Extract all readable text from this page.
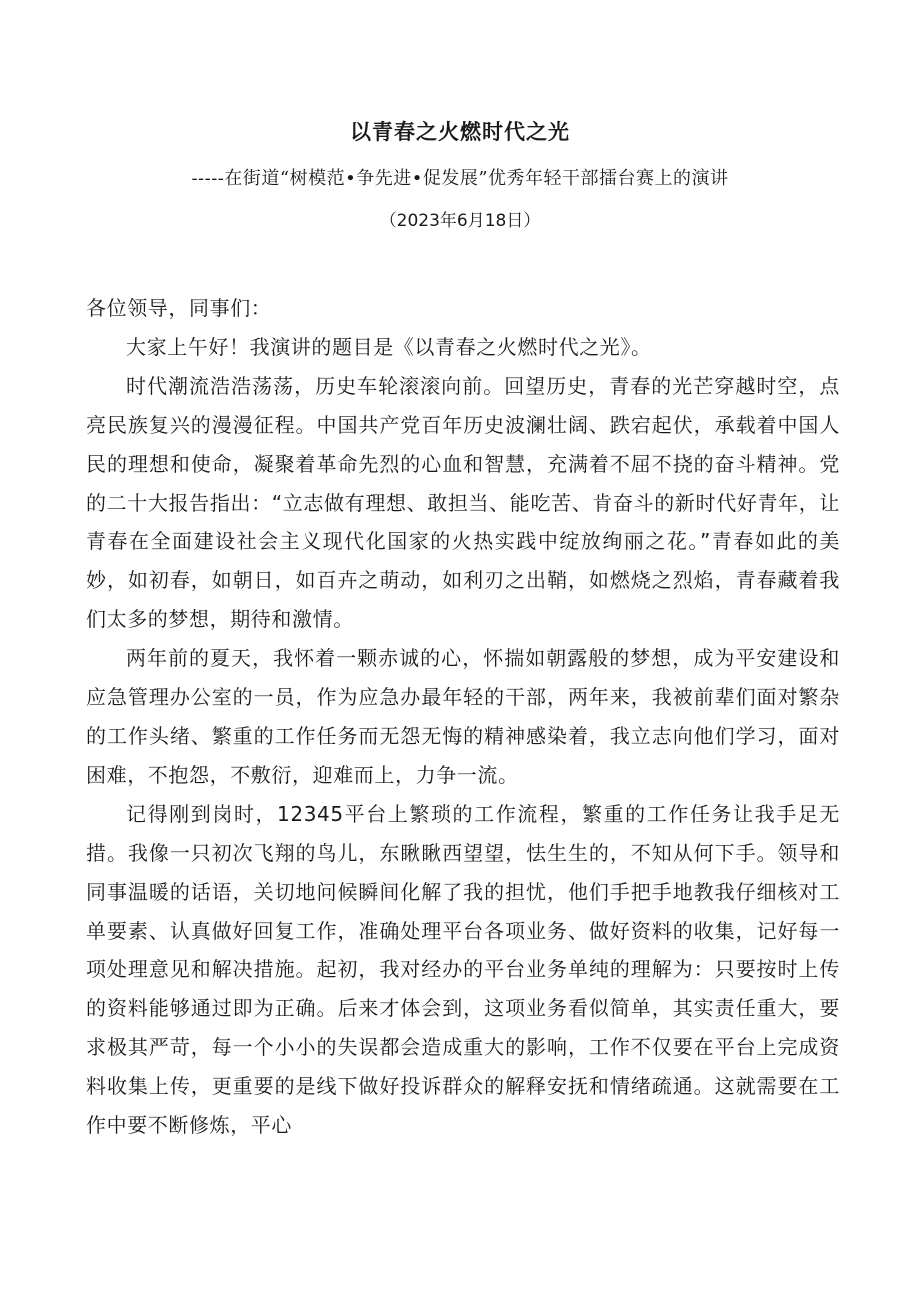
以青春之火燃时代之光
-----在街道“树模范•争先进•促发展”优秀年轻干部擂台赛上的演讲
（2023年6月18日）

各位领导，同事们：

大家上午好！我演讲的题目是《以青春之火燃时代之光》。

时代潮流浩浩荡荡，历史车轮滚滚向前。回望历史，青春的光芒穿越时空，点亮民族复兴的漫漫征程。中国共产党百年历史波澜壮阔、跌宕起伏，承载着中国人民的理想和使命，凝聚着革命先烈的心血和智慧，充满着不屈不挠的奋斗精神。党的二十大报告指出：“立志做有理想、敢担当、能吃苦、肯奋斗的新时代好青年，让青春在全面建设社会主义现代化国家的火热实践中绽放绚丽之花。”青春如此的美妙，如初春，如朝日，如百卉之萌动，如利刃之出鞘，如燃烧之烈焰，青春藏着我们太多的梦想，期待和激情。

两年前的夏天，我怀着一颗赤诚的心，怀揣如朝露般的梦想，成为平安建设和应急管理办公室的一员，作为应急办最年轻的干部，两年来，我被前辈们面对繁杂的工作头绪、繁重的工作任务而无怨无悔的精神感染着，我立志向他们学习，面对困难，不抱怨，不敷衍，迎难而上，力争一流。

记得刚到岗时，12345平台上繁琐的工作流程，繁重的工作任务让我手足无措。我像一只初次飞翔的鸟儿，东瞅瞅西望望，怯生生的，不知从何下手。领导和同事温暖的话语，关切地问候瞬间化解了我的担忧，他们手把手地教我仔细核对工单要素、认真做好回复工作，准确处理平台各项业务、做好资料的收集，记好每一项处理意见和解决措施。起初，我对经办的平台业务单纯的理解为：只要按时上传的资料能够通过即为正确。后来才体会到，这项业务看似简单，其实责任重大，要求极其严苛，每一个小小的失误都会造成重大的影响，工作不仅要在平台上完成资料收集上传，更重要的是线下做好投诉群众的解释安抚和情绪疏通。这就需要在工作中要不断修炼，平心
